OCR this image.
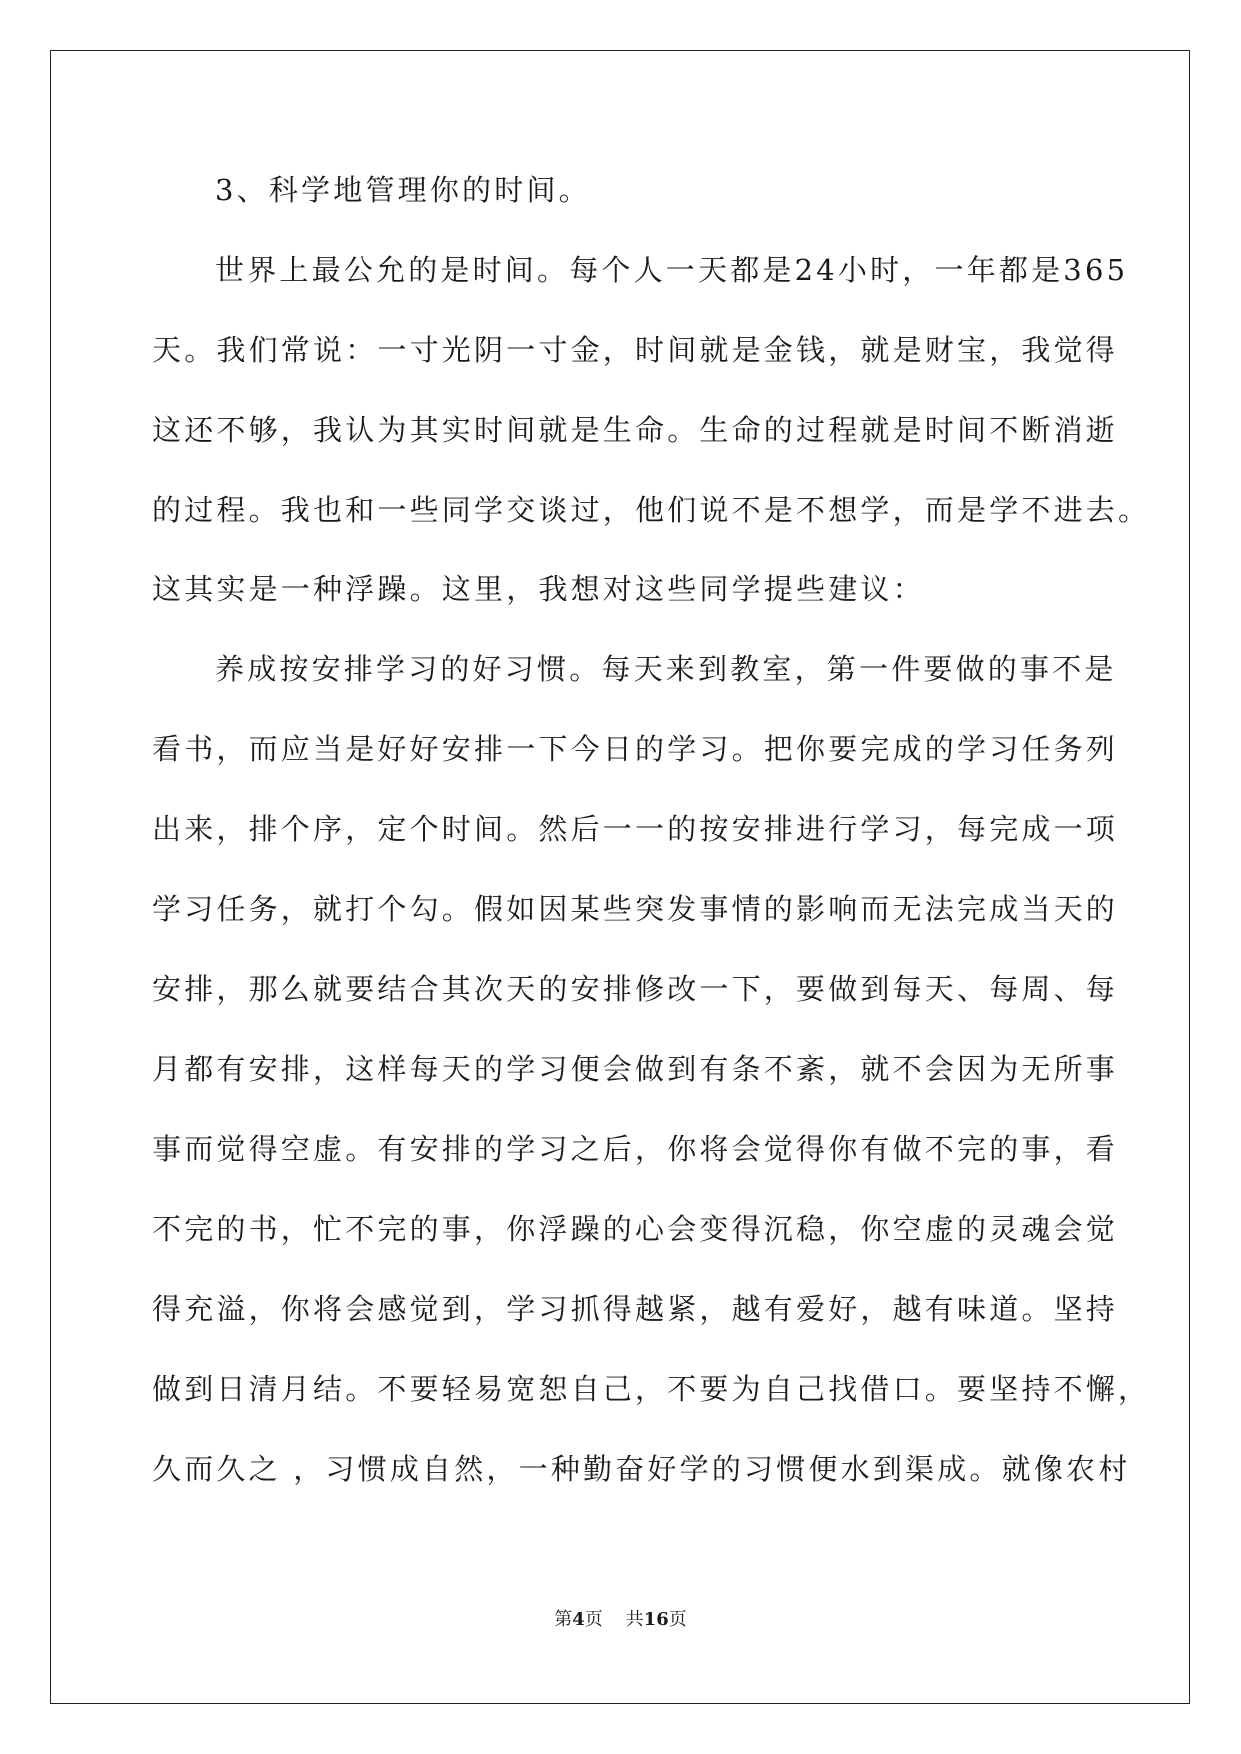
3、科学地管理你的时间。
世界上最公允的是时间。每个人一天都是24小时，一年都是365
天。我们常说：一寸光阴一寸金，时间就是金钱，就是财宝，我觉得
这还不够，我认为其实时间就是生命。生命的过程就是时间不断消逝
的过程。我也和一些同学交谈过，他们说不是不想学，而是学不进去。
这其实是一种浮躁。这里，我想对这些同学提些建议：
养成按安排学习的好习惯。每天来到教室，第一件要做的事不是
看书，而应当是好好安排一下今日的学习。把你要完成的学习任务列
出来，排个序，定个时间。然后一一的按安排进行学习，每完成一项
学习任务，就打个勾。假如因某些突发事情的影响而无法完成当天的
安排，那么就要结合其次天的安排修改一下，要做到每天、每周、每
月都有安排，这样每天的学习便会做到有条不紊，就不会因为无所事
事而觉得空虚。有安排的学习之后，你将会觉得你有做不完的事，看
不完的书，忙不完的事，你浮躁的心会变得沉稳，你空虚的灵魂会觉
得充溢，你将会感觉到，学习抓得越紧，越有爱好，越有味道。坚持
做到日清月结。不要轻易宽恕自己，不要为自己找借口。要坚持不懈，
久而久之 ，习惯成自然，一种勤奋好学的习惯便水到渠成。就像农村
第4页 共16页
